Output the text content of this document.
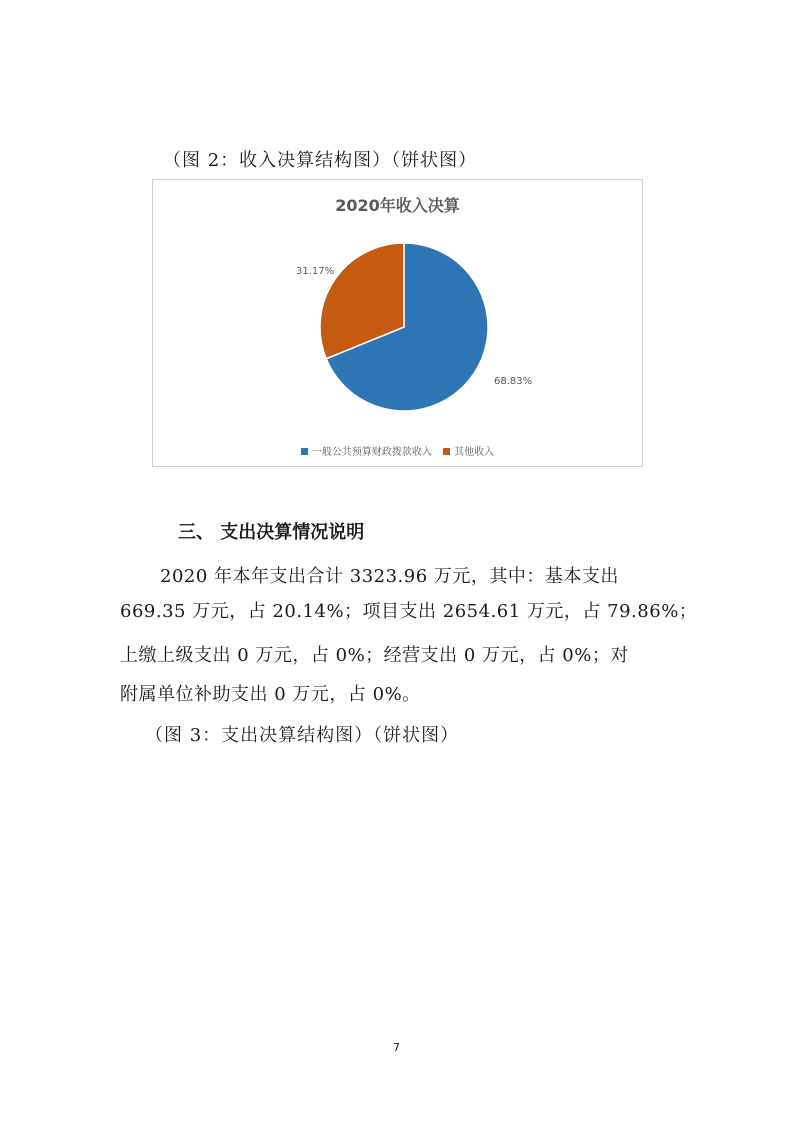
（图 2：收入决算结构图）（饼状图）
2020年收入决算
68.83%
31.17%
一般公共预算财政拨款收入 其他收入
三、 支出决算情况说明
2020 年本年支出合计 3323.96 万元，其中：基本支出
669.35 万元，占 20.14%；项目支出 2654.61 万元，占 79.86%；
上缴上级支出 0 万元，占 0%；经营支出 0 万元，占 0%；对
附属单位补助支出 0 万元，占 0%。
（图 3：支出决算结构图）（饼状图）
7
